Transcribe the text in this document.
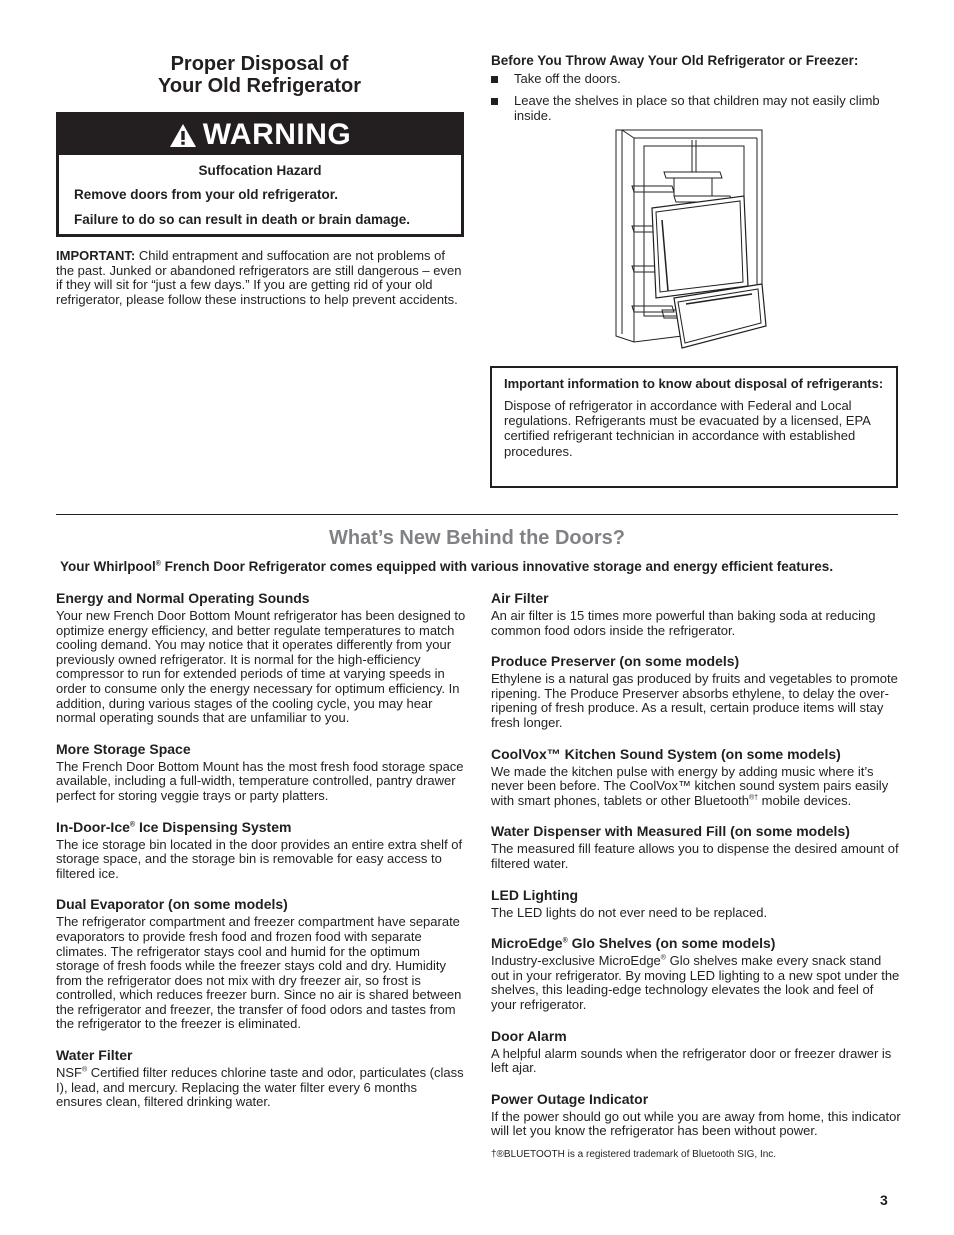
Proper Disposal of
Your Old Refrigerator
WARNING
Suffocation Hazard
Remove doors from your old refrigerator.
Failure to do so can result in death or brain damage.
IMPORTANT: Child entrapment and suffocation are not problems of the past. Junked or abandoned refrigerators are still dangerous – even if they will sit for “just a few days.” If you are getting rid of your old refrigerator, please follow these instructions to help prevent accidents.
Before You Throw Away Your Old Refrigerator or Freezer:
Take off the doors.
Leave the shelves in place so that children may not easily climb inside.
Important information to know about disposal of refrigerants:
Dispose of refrigerator in accordance with Federal and Local regulations. Refrigerants must be evacuated by a licensed, EPA certified refrigerant technician in accordance with established procedures.
What’s New Behind the Doors?
Your Whirlpool® French Door Refrigerator comes equipped with various innovative storage and energy efficient features.
Energy and Normal Operating Sounds
Your new French Door Bottom Mount refrigerator has been designed to optimize energy efficiency, and better regulate temperatures to match cooling demand. You may notice that it operates differently from your previously owned refrigerator. It is normal for the high-efficiency compressor to run for extended periods of time at varying speeds in order to consume only the energy necessary for optimum efficiency. In addition, during various stages of the cooling cycle, you may hear normal operating sounds that are unfamiliar to you.
More Storage Space
The French Door Bottom Mount has the most fresh food storage space available, including a full-width, temperature controlled, pantry drawer perfect for storing veggie trays or party platters.
In-Door-Ice® Ice Dispensing System
The ice storage bin located in the door provides an entire extra shelf of storage space, and the storage bin is removable for easy access to filtered ice.
Dual Evaporator (on some models)
The refrigerator compartment and freezer compartment have separate evaporators to provide fresh food and frozen food with separate climates. The refrigerator stays cool and humid for the optimum storage of fresh foods while the freezer stays cold and dry. Humidity from the refrigerator does not mix with dry freezer air, so frost is controlled, which reduces freezer burn. Since no air is shared between the refrigerator and freezer, the transfer of food odors and tastes from the refrigerator to the freezer is eliminated.
Water Filter
NSF® Certified filter reduces chlorine taste and odor, particulates (class I), lead, and mercury. Replacing the water filter every 6 months ensures clean, filtered drinking water.
Air Filter
An air filter is 15 times more powerful than baking soda at reducing common food odors inside the refrigerator.
Produce Preserver (on some models)
Ethylene is a natural gas produced by fruits and vegetables to promote ripening. The Produce Preserver absorbs ethylene, to delay the over-ripening of fresh produce. As a result, certain produce items will stay fresh longer.
CoolVox™ Kitchen Sound System (on some models)
We made the kitchen pulse with energy by adding music where it’s never been before. The CoolVox™ kitchen sound system pairs easily with smart phones, tablets or other Bluetooth®† mobile devices.
Water Dispenser with Measured Fill (on some models)
The measured fill feature allows you to dispense the desired amount of filtered water.
LED Lighting
The LED lights do not ever need to be replaced.
MicroEdge® Glo Shelves (on some models)
Industry-exclusive MicroEdge® Glo shelves make every snack stand out in your refrigerator. By moving LED lighting to a new spot under the shelves, this leading-edge technology elevates the look and feel of your refrigerator.
Door Alarm
A helpful alarm sounds when the refrigerator door or freezer drawer is left ajar.
Power Outage Indicator
If the power should go out while you are away from home, this indicator will let you know the refrigerator has been without power.
†®BLUETOOTH is a registered trademark of Bluetooth SIG, Inc.
3
